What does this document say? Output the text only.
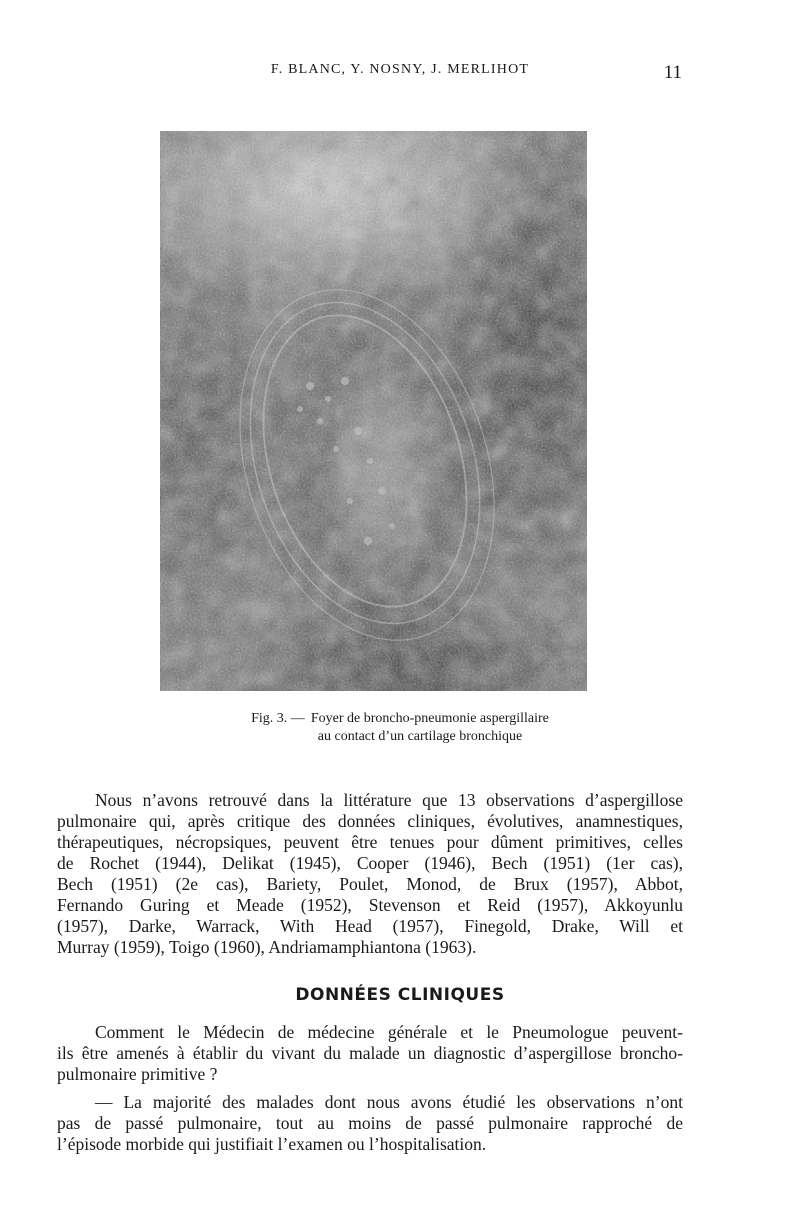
F. BLANC, Y. NOSNY, J. MERLIHOT	11
Fig. 3. — Foyer de broncho-pneumonie aspergillaire
au contact d’un cartilage bronchique
Nous n’avons retrouvé dans la littérature que 13 observations d’aspergillose
pulmonaire qui, après critique des données cliniques, évolutives, anamnestiques,
thérapeutiques, nécropsiques, peuvent être tenues pour dûment primitives, celles
de Rochet (1944), Delikat (1945), Cooper (1946), Bech (1951) (1er cas),
Bech (1951) (2e cas), Bariety, Poulet, Monod, de Brux (1957), Abbot,
Fernando Guring et Meade (1952), Stevenson et Reid (1957), Akkoyunlu
(1957), Darke, Warrack, With Head (1957), Finegold, Drake, Will et
Murray (1959), Toigo (1960), Andriamamphiantona (1963).
DONNÉES CLINIQUES
Comment le Médecin de médecine générale et le Pneumologue peuvent-
ils être amenés à établir du vivant du malade un diagnostic d’aspergillose broncho-
pulmonaire primitive ?
— La majorité des malades dont nous avons étudié les observations n’ont
pas de passé pulmonaire, tout au moins de passé pulmonaire rapproché de
l’épisode morbide qui justifiait l’examen ou l’hospitalisation.
